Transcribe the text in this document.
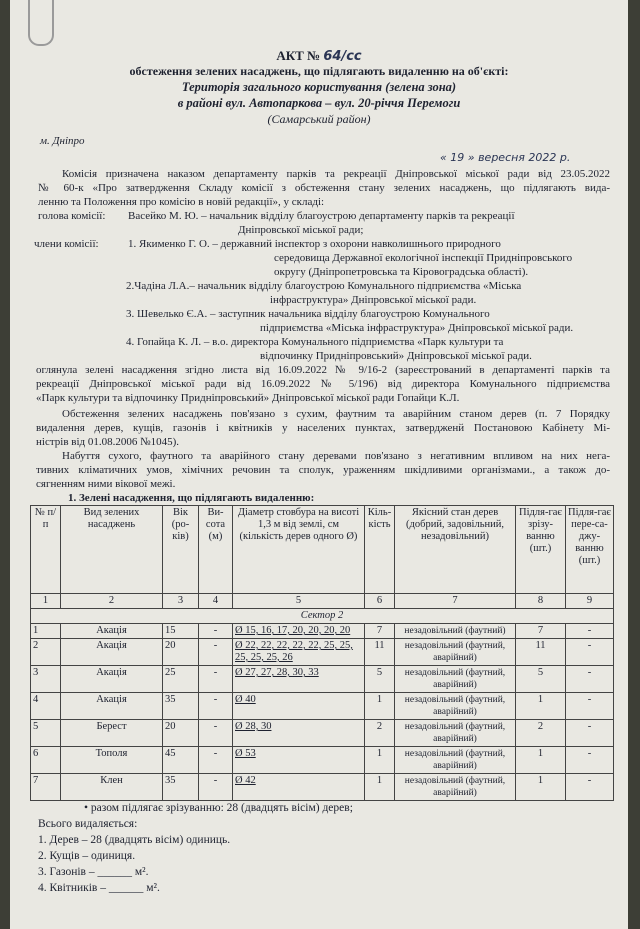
АКТ № 64/сс
обстеження зелених насаджень, що підлягають видаленню на об'єкті:
Територія загального користування (зелена зона)
в районі вул. Автопаркова – вул. 20-річчя Перемоги
(Самарський район)
м. Дніпро
« 19 » вересня 2022 р.
Комісія призначена наказом департаменту парків та рекреації Дніпровської міської ради від 23.05.2022
№ 60-к «Про затвердження Складу комісії з обстеження стану зелених насаджень, що підлягають вида-
ленню та Положення про комісію в новій редакції», у складі:
голова комісії: Васейко М. Ю. – начальник відділу благоустрою департаменту парків та рекреації
Дніпровської міської ради;
члени комісії:	1. Якименко Г. О. – державний інспектор з охорони навколишнього природного
середовища Державної екологічної інспекції Придніпровського
округу (Дніпропетровська та Кіровоградська області).
2.Чадіна Л.А.– начальник відділу благоустрою Комунального підприємства «Міська
інфраструктура» Дніпровської міської ради.
3. Шевелько Є.А. – заступник начальника відділу благоустрою Комунального
підприємства «Міська інфраструктура» Дніпровської міської ради.
4. Гопайца К. Л. – в.о. директора Комунального підприємства «Парк культури та
відпочинку Придніпровський» Дніпровської міської ради.
оглянула зелені насадження згідно листа від 16.09.2022 № 9/16-2 (зареєстрований в департаменті парків та
рекреації Дніпровської міської ради від 16.09.2022 № 5/196) від директора Комунального підприємства
«Парк культури та відпочинку Придніпровський» Дніпровської міської ради Гопайци К.Л.
Обстеження зелених насаджень пов'язано з сухим, фаутним та аварійним станом дерев (п. 7 Порядку
видалення дерев, кущів, газонів і квітників у населених пунктах, затвердженй Постановою Кабінету Мі-
ністрів від 01.08.2006 №1045).
Набуття сухого, фаутного та аварійного стану деревами пов'язано з негативним впливом на них нега-
тивних кліматичних умов, хімічних речовин та сполук, ураженням шкідливими організмами., а також до-
сягненням ними вікової межі.
1. Зелені насадження, що підлягають видаленню:
№ п/п	Вид зелених насаджень	Вік (ро-ків)	Ви-сота (м)	Діаметр стовбура на висоті 1,3 м від землі, см (кількість дерев одного Ø)	Кіль-кість	Якісний стан дерев (добрий, задовільний, незадовільний)	Підля-гає зрізу-ванню (шт.)	Підля-гає пере-са-джу-ванню (шт.)
1	2	3	4	5	6	7	8	9
Сектор 2								
1	Акація	15	-	Ø 15, 16, 17, 20, 20, 20, 20	7	незадовільний (фаутний)	7	-
2	Акація	20	-	Ø 22, 22, 22, 22, 22, 25, 25, 25, 25, 25, 26	11	незадовільний (фаутний, аварійний)	11	-
3	Акація	25	-	Ø 27, 27, 28, 30, 33	5	незадовільний (фаутний, аварійний)	5	-
4	Акація	35	-	Ø 40	1	незадовільний (фаутний, аварійний)	1	-
5	Берест	20	-	Ø 28, 30	2	незадовільний (фаутний, аварійний)	2	-
6	Тополя	45	-	Ø 53	1	незадовільний (фаутний, аварійний)	1	-
7	Клен	35	-	Ø 42	1	незадовільний (фаутний, аварійний)	1	-
• разом підлягає зрізуванню: 28 (двадцять вісім) дерев;
Всього видаляється:
1. Дерев – 28 (двадцять вісім) одиниць.
2. Кущів – одиниця.
3. Газонів – ______ м².
4. Квітників – ______ м².
